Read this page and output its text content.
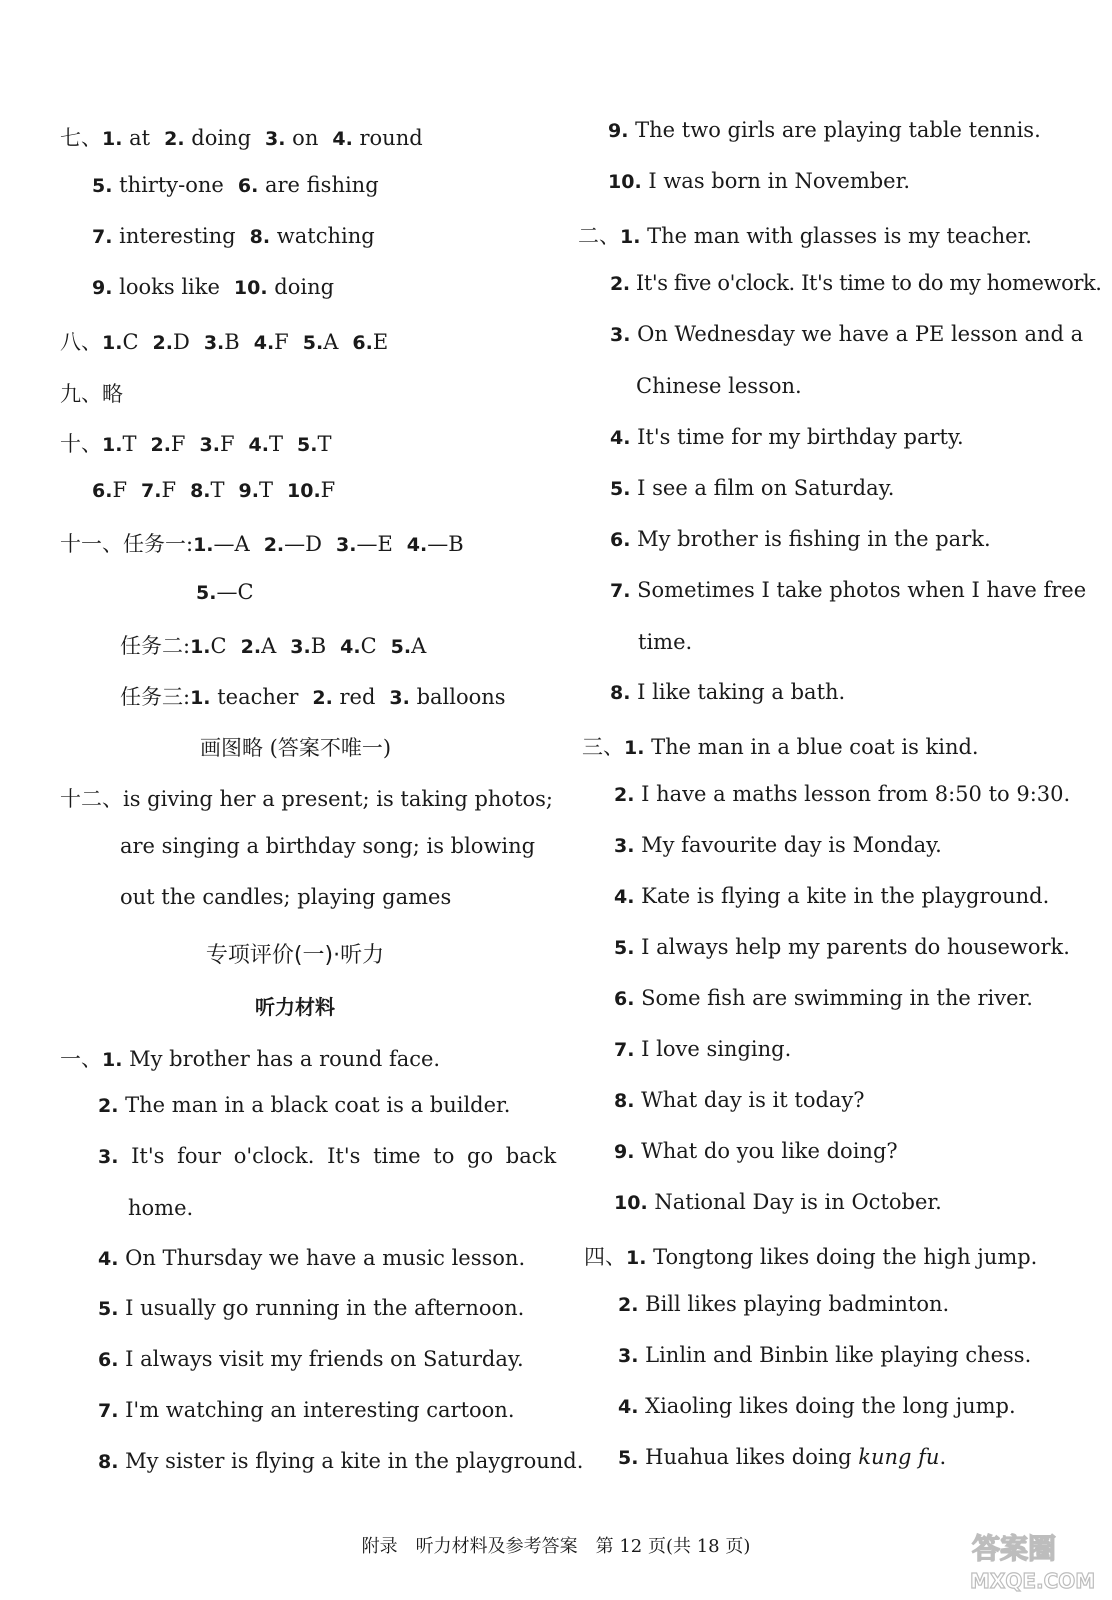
七、1. at 2. doing 3. on 4. round
5. thirty-one 6. are fishing
7. interesting 8. watching
9. looks like 10. doing
八、1.C 2.D 3.B 4.F 5.A 6.E
九、略
十、1.T 2.F 3.F 4.T 5.T
6.F 7.F 8.T 9.T 10.F
十一、任务一:1.—A 2.—D 3.—E 4.—B
5.—C
任务二:1.C 2.A 3.B 4.C 5.A
任务三:1. teacher 2. red 3. balloons
画图略 (答案不唯一)
十二、is giving her a present; is taking photos;
are singing a birthday song; is blowing
out the candles; playing games
专项评价(一)·听力
听力材料
一、1. My brother has a round face.
2. The man in a black coat is a builder.
3. It's four o'clock. It's time to go back
home.
4. On Thursday we have a music lesson.
5. I usually go running in the afternoon.
6. I always visit my friends on Saturday.
7. I'm watching an interesting cartoon.
8. My sister is flying a kite in the playground.
9. The two girls are playing table tennis.
10. I was born in November.
二、1. The man with glasses is my teacher.
2. It's five o'clock. It's time to do my homework.
3. On Wednesday we have a PE lesson and a
Chinese lesson.
4. It's time for my birthday party.
5. I see a film on Saturday.
6. My brother is fishing in the park.
7. Sometimes I take photos when I have free
time.
8. I like taking a bath.
三、1. The man in a blue coat is kind.
2. I have a maths lesson from 8:50 to 9:30.
3. My favourite day is Monday.
4. Kate is flying a kite in the playground.
5. I always help my parents do housework.
6. Some fish are swimming in the river.
7. I love singing.
8. What day is it today?
9. What do you like doing?
10. National Day is in October.
四、1. Tongtong likes doing the high jump.
2. Bill likes playing badminton.
3. Linlin and Binbin like playing chess.
4. Xiaoling likes doing the long jump.
5. Huahua likes doing kung fu.
附录　听力材料及参考答案　第 12 页(共 18 页)	答案圈
MXQE.COM
